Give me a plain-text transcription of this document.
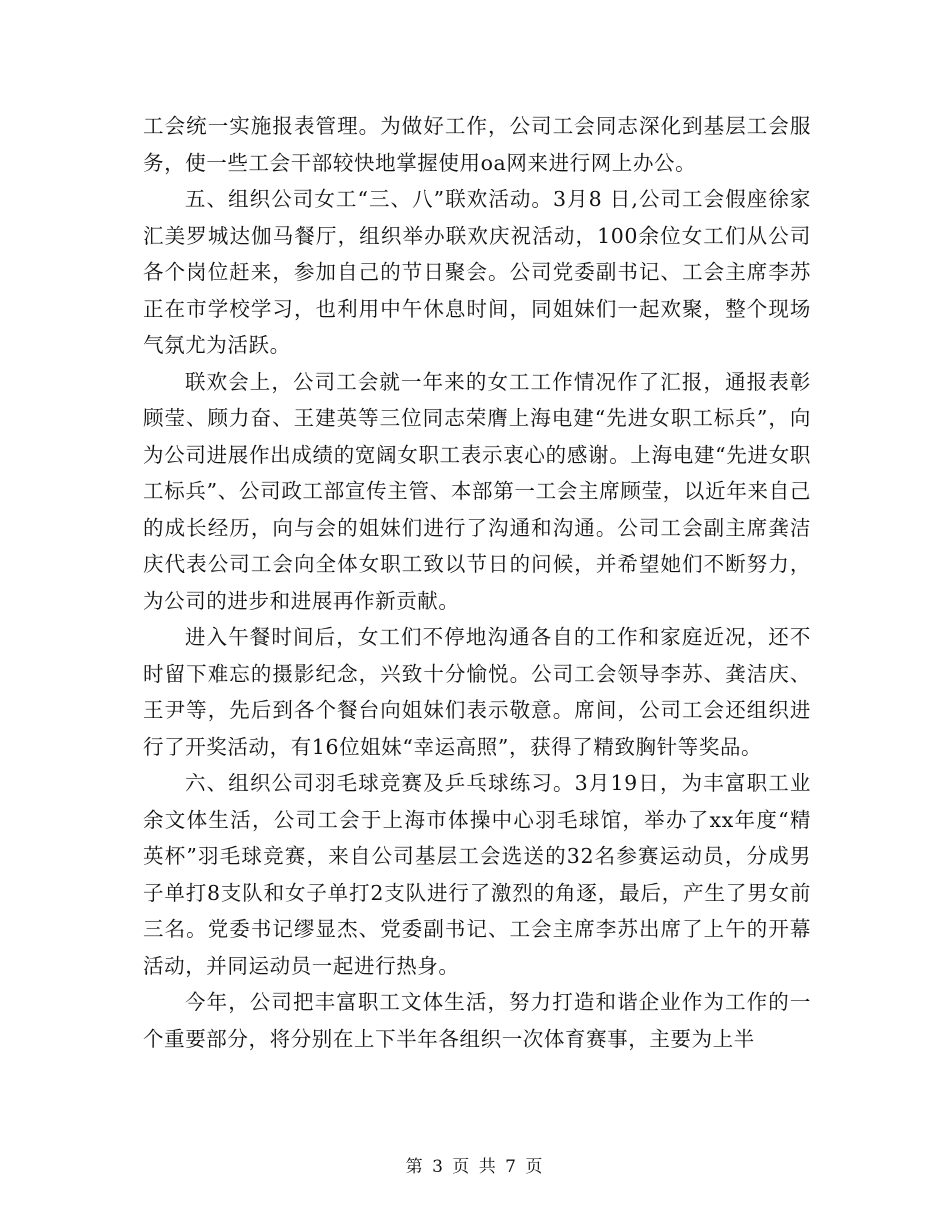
工会统一实施报表管理。为做好工作，公司工会同志深化到基层工会服务，使一些工会干部较快地掌握使用oa网来进行网上办公。

五、组织公司女工“三、八”联欢活动。3月8 日,公司工会假座徐家汇美罗城达伽马餐厅，组织举办联欢庆祝活动，100余位女工们从公司各个岗位赶来，参加自己的节日聚会。公司党委副书记、工会主席李苏正在市学校学习，也利用中午休息时间，同姐妹们一起欢聚，整个现场气氛尤为活跃。

联欢会上，公司工会就一年来的女工工作情况作了汇报，通报表彰顾莹、顾力奋、王建英等三位同志荣膺上海电建“先进女职工标兵”，向为公司进展作出成绩的宽阔女职工表示衷心的感谢。上海电建“先进女职工标兵”、公司政工部宣传主管、本部第一工会主席顾莹，以近年来自己的成长经历，向与会的姐妹们进行了沟通和沟通。公司工会副主席龚洁庆代表公司工会向全体女职工致以节日的问候，并希望她们不断努力，为公司的进步和进展再作新贡献。

进入午餐时间后，女工们不停地沟通各自的工作和家庭近况，还不时留下难忘的摄影纪念，兴致十分愉悦。公司工会领导李苏、龚洁庆、王尹等，先后到各个餐台向姐妹们表示敬意。席间，公司工会还组织进行了开奖活动，有16位姐妹“幸运高照”，获得了精致胸针等奖品。

六、组织公司羽毛球竞赛及乒乓球练习。3月19日，为丰富职工业余文体生活，公司工会于上海市体操中心羽毛球馆，举办了xx年度“精英杯”羽毛球竞赛，来自公司基层工会选送的32名参赛运动员，分成男子单打8支队和女子单打2支队进行了激烈的角逐，最后，产生了男女前三名。党委书记缪显杰、党委副书记、工会主席李苏出席了上午的开幕活动，并同运动员一起进行热身。

今年，公司把丰富职工文体生活，努力打造和谐企业作为工作的一个重要部分，将分别在上下半年各组织一次体育赛事，主要为上半

第 3 页 共 7 页
